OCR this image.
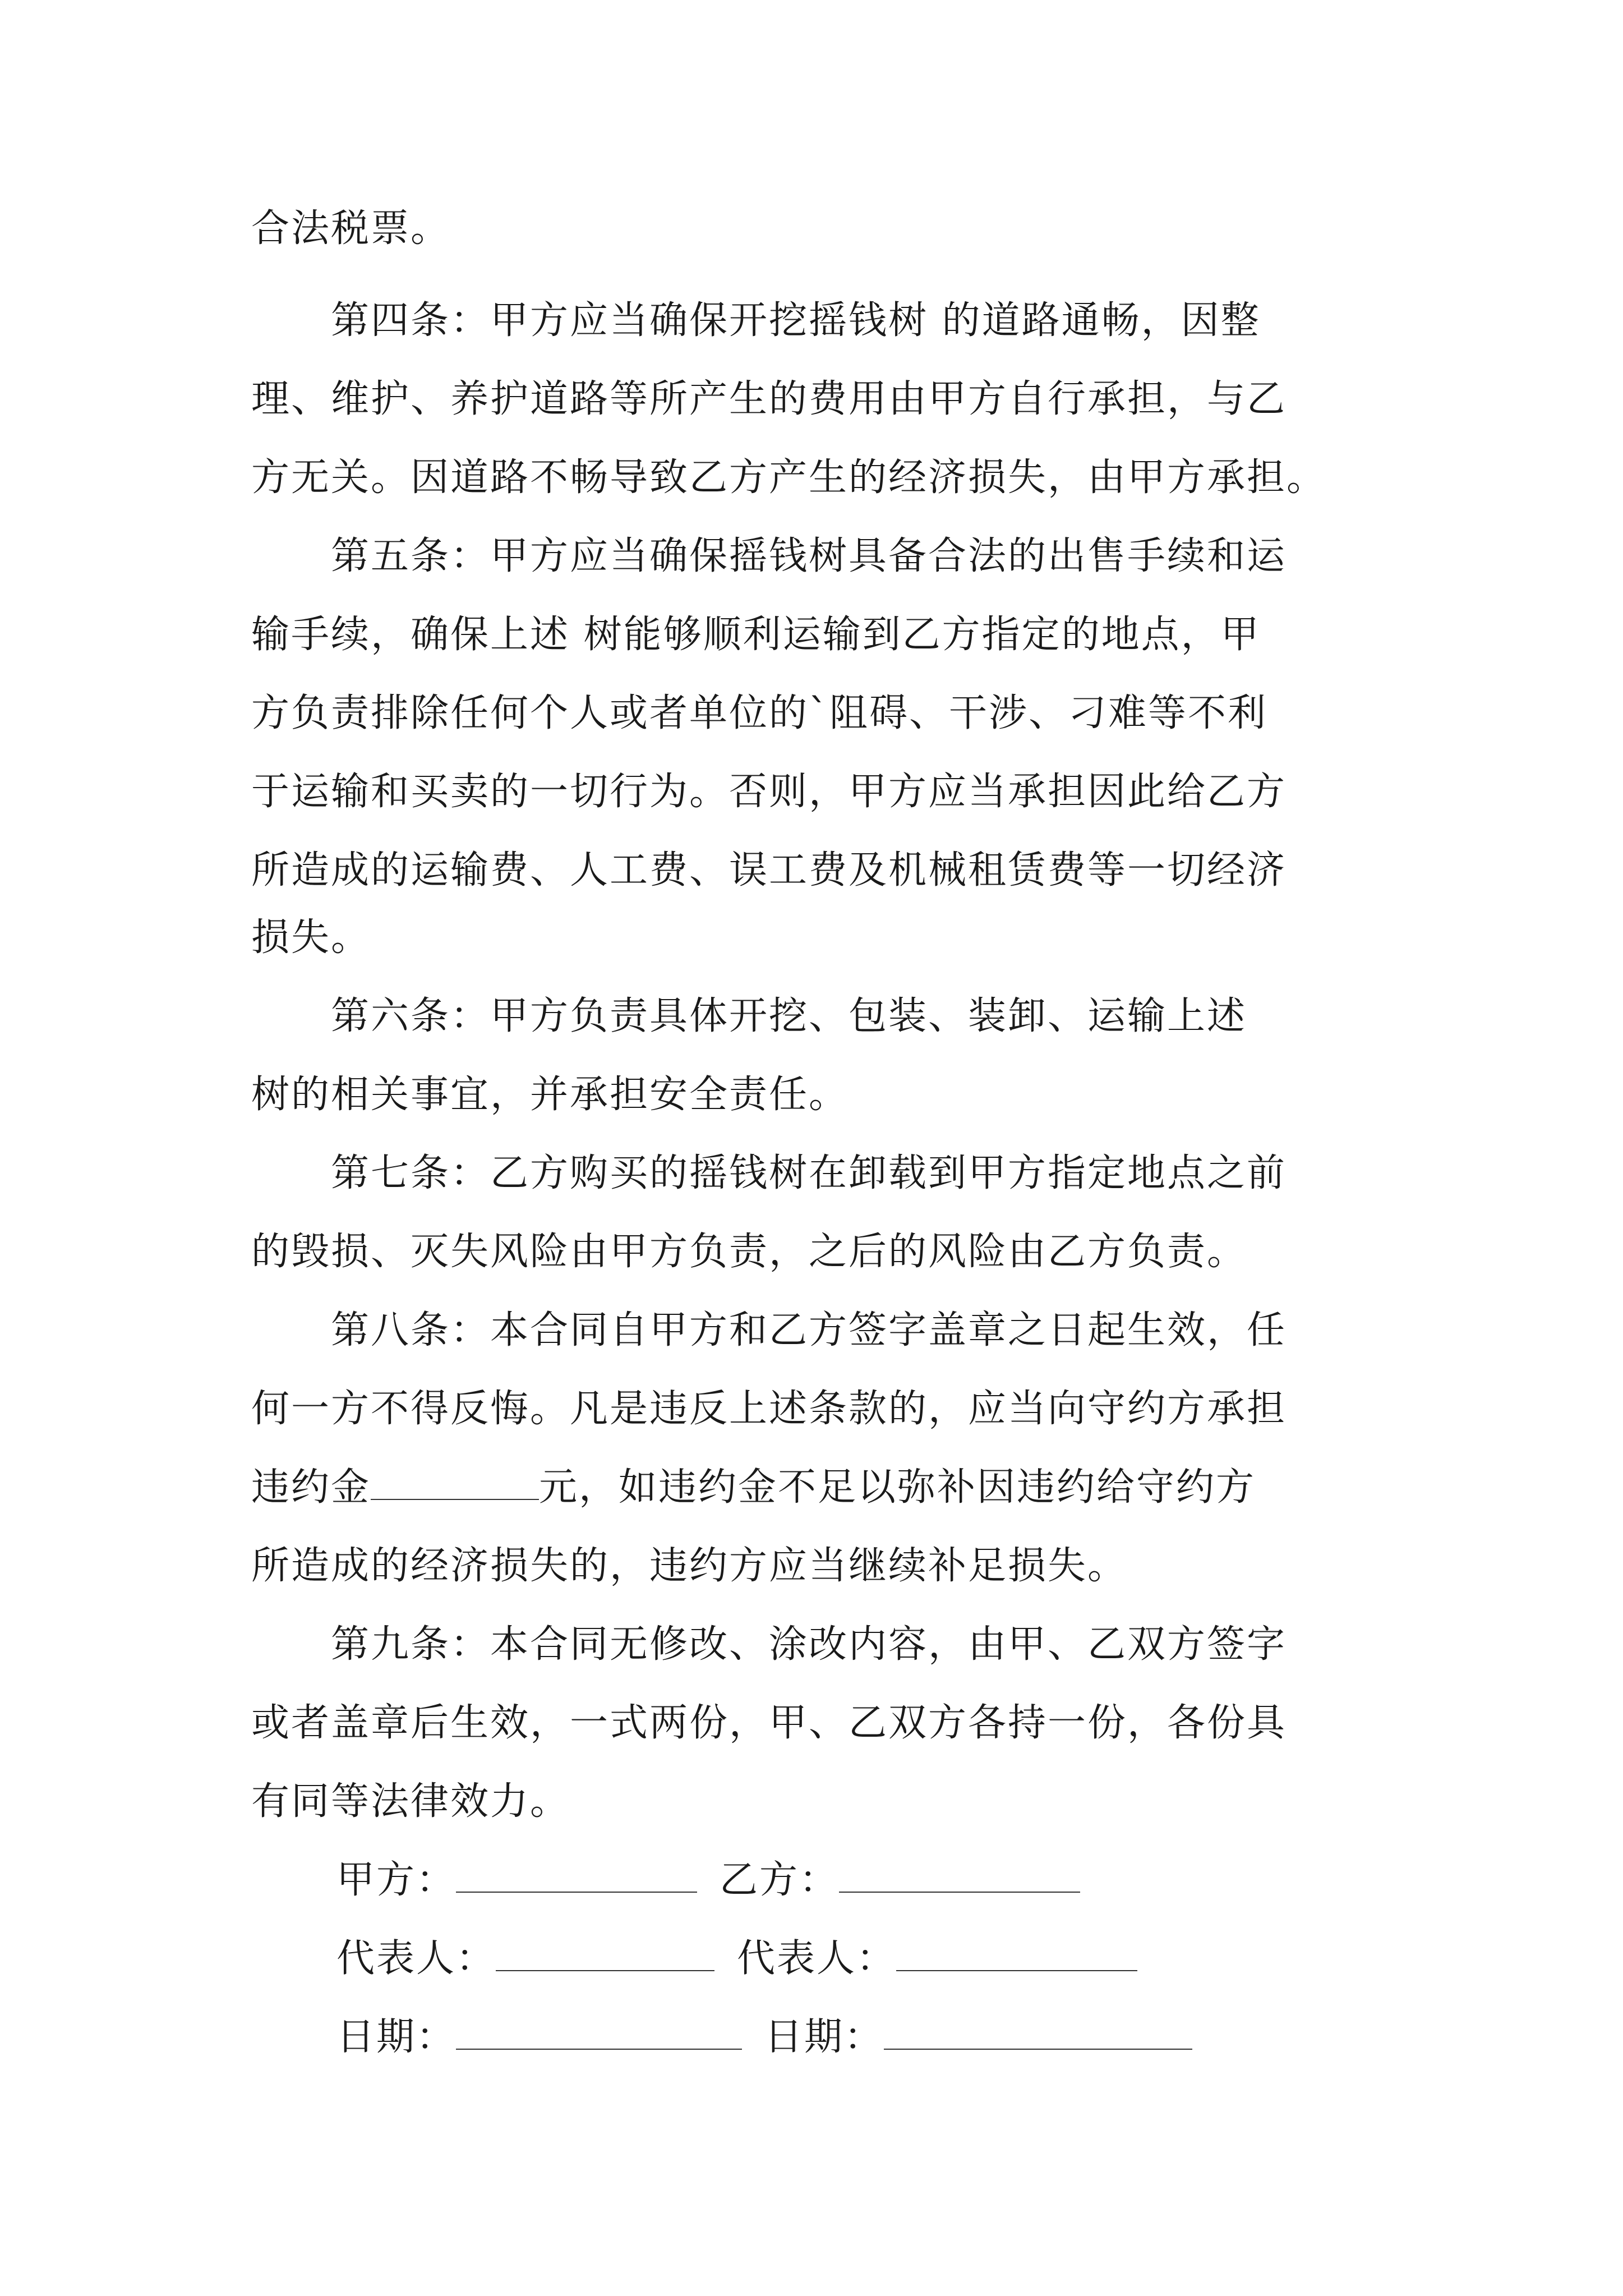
合法税票。

　　第四条：甲方应当确保开挖摇钱树 的道路通畅，因整

理、维护、养护道路等所产生的费用由甲方自行承担，与乙

方无关。因道路不畅导致乙方产生的经济损失，由甲方承担。

　　第五条：甲方应当确保摇钱树具备合法的出售手续和运

输手续，确保上述 树能够顺利运输到乙方指定的地点，甲

方负责排除任何个人或者单位的`阻碍、干涉、刁难等不利

于运输和买卖的一切行为。否则，甲方应当承担因此给乙方

所造成的运输费、人工费、误工费及机械租赁费等一切经济

损失。

　　第六条：甲方负责具体开挖、包装、装卸、运输上述

树的相关事宜，并承担安全责任。

　　第七条：乙方购买的摇钱树在卸载到甲方指定地点之前

的毁损、灭失风险由甲方负责，之后的风险由乙方负责。

　　第八条：本合同自甲方和乙方签字盖章之日起生效，任

何一方不得反悔。凡是违反上述条款的，应当向守约方承担

违约金	元，如违约金不足以弥补因违约给守约方

所造成的经济损失的，违约方应当继续补足损失。

　　第九条：本合同无修改、涂改内容，由甲、乙双方签字

或者盖章后生效，一式两份，甲、乙双方各持一份，各份具

有同等法律效力。

甲方：	乙方：
代表人：	代表人：
日期：	日期：
